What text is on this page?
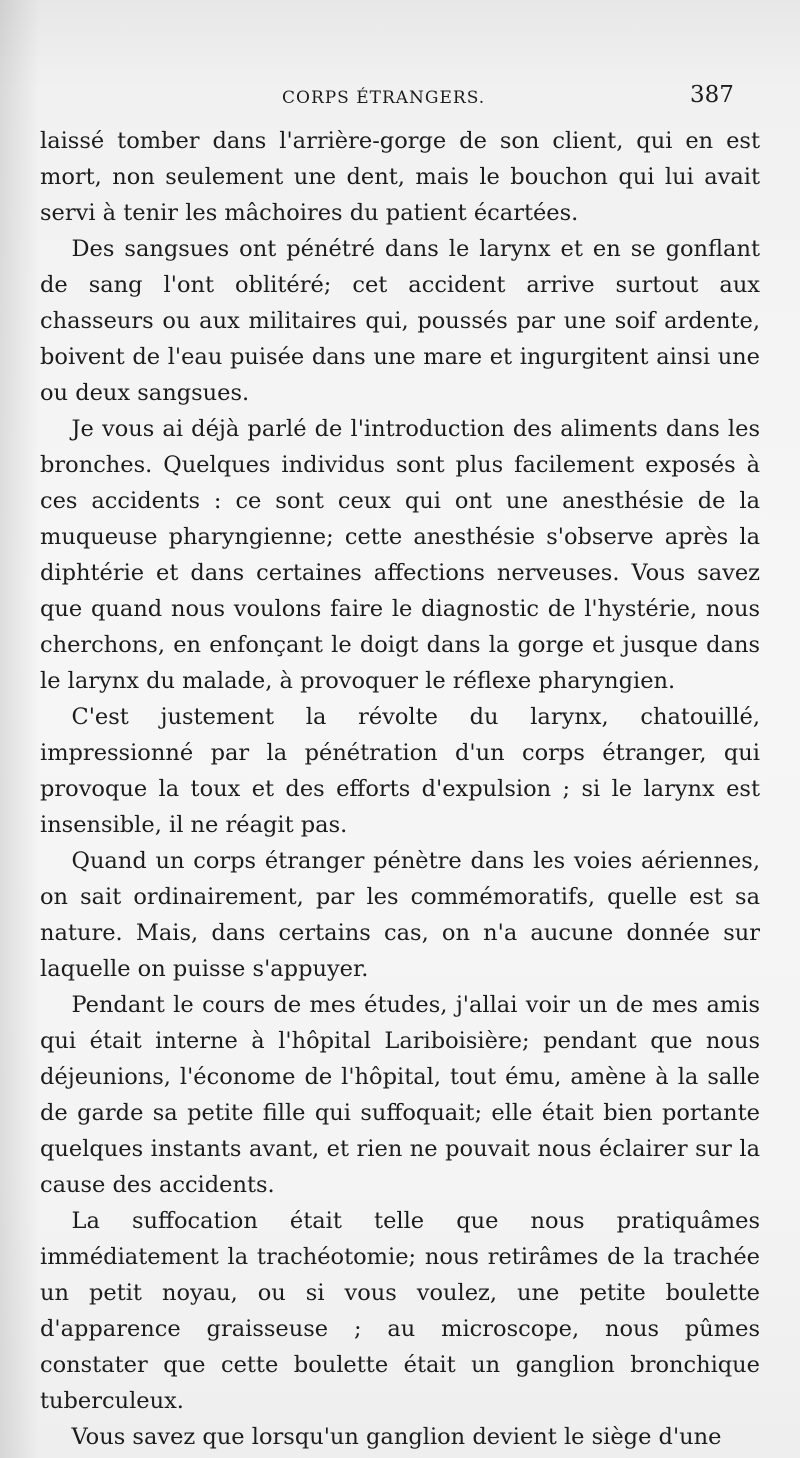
CORPS ÉTRANGERS.	387

laissé tomber dans l'arrière-gorge de son client, qui en est mort, non seulement une dent, mais le bouchon qui lui avait servi à tenir les mâchoires du patient écartées.

Des sangsues ont pénétré dans le larynx et en se gonflant de sang l'ont oblitéré; cet accident arrive surtout aux chasseurs ou aux militaires qui, poussés par une soif ardente, boivent de l'eau puisée dans une mare et ingurgitent ainsi une ou deux sangsues.

Je vous ai déjà parlé de l'introduction des aliments dans les bronches. Quelques individus sont plus facilement exposés à ces accidents : ce sont ceux qui ont une anesthésie de la muqueuse pharyngienne; cette anesthésie s'observe après la diphtérie et dans certaines affections nerveuses. Vous savez que quand nous voulons faire le diagnostic de l'hystérie, nous cherchons, en enfonçant le doigt dans la gorge et jusque dans le larynx du malade, à provoquer le réflexe pharyngien.

C'est justement la révolte du larynx, chatouillé, impressionné par la pénétration d'un corps étranger, qui provoque la toux et des efforts d'expulsion ; si le larynx est insensible, il ne réagit pas.

Quand un corps étranger pénètre dans les voies aériennes, on sait ordinairement, par les commémoratifs, quelle est sa nature. Mais, dans certains cas, on n'a aucune donnée sur laquelle on puisse s'appuyer.

Pendant le cours de mes études, j'allai voir un de mes amis qui était interne à l'hôpital Lariboisière; pendant que nous déjeunions, l'économe de l'hôpital, tout ému, amène à la salle de garde sa petite fille qui suffoquait; elle était bien portante quelques instants avant, et rien ne pouvait nous éclairer sur la cause des accidents.

La suffocation était telle que nous pratiquâmes immédiatement la trachéotomie; nous retirâmes de la trachée un petit noyau, ou si vous voulez, une petite boulette d'apparence graisseuse ; au microscope, nous pûmes constater que cette boulette était un ganglion bronchique tuberculeux.

Vous savez que lorsqu'un ganglion devient le siège d'une
